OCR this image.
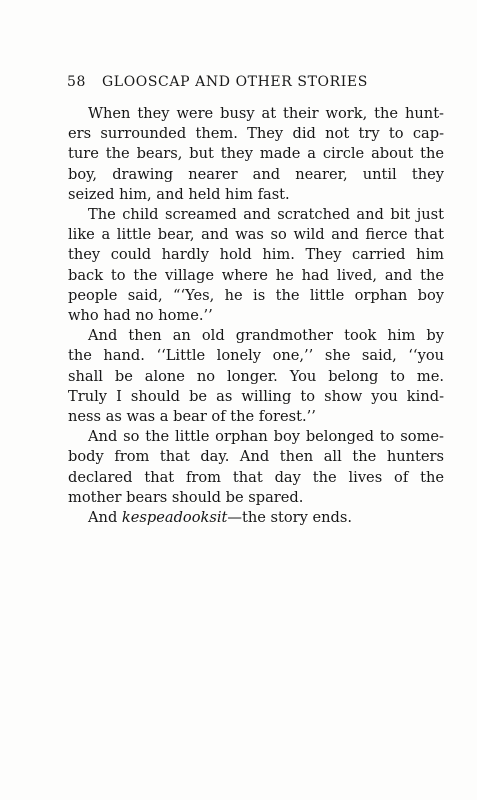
58 GLOOSCAP AND OTHER STORIES

When they were busy at their work, the hunt-
ers surrounded them. They did not try to cap-
ture the bears, but they made a circle about the
boy, drawing nearer and nearer, until they
seized him, and held him fast.

The child screamed and scratched and bit just
like a little bear, and was so wild and fierce that
they could hardly hold him. They carried him
back to the village where he had lived, and the
people said, “‘Yes, he is the little orphan boy
who had no home.’’

And then an old grandmother took him by
the hand. ‘‘Little lonely one,’’ she said, ‘‘you
shall be alone no longer. You belong to me.
Truly I should be as willing to show you kind-
ness as was a bear of the forest.’’

And so the little orphan boy belonged to some-
body from that day. And then all the hunters
declared that from that day the lives of the
mother bears should be spared.

And kespeadooksit—the story ends.
